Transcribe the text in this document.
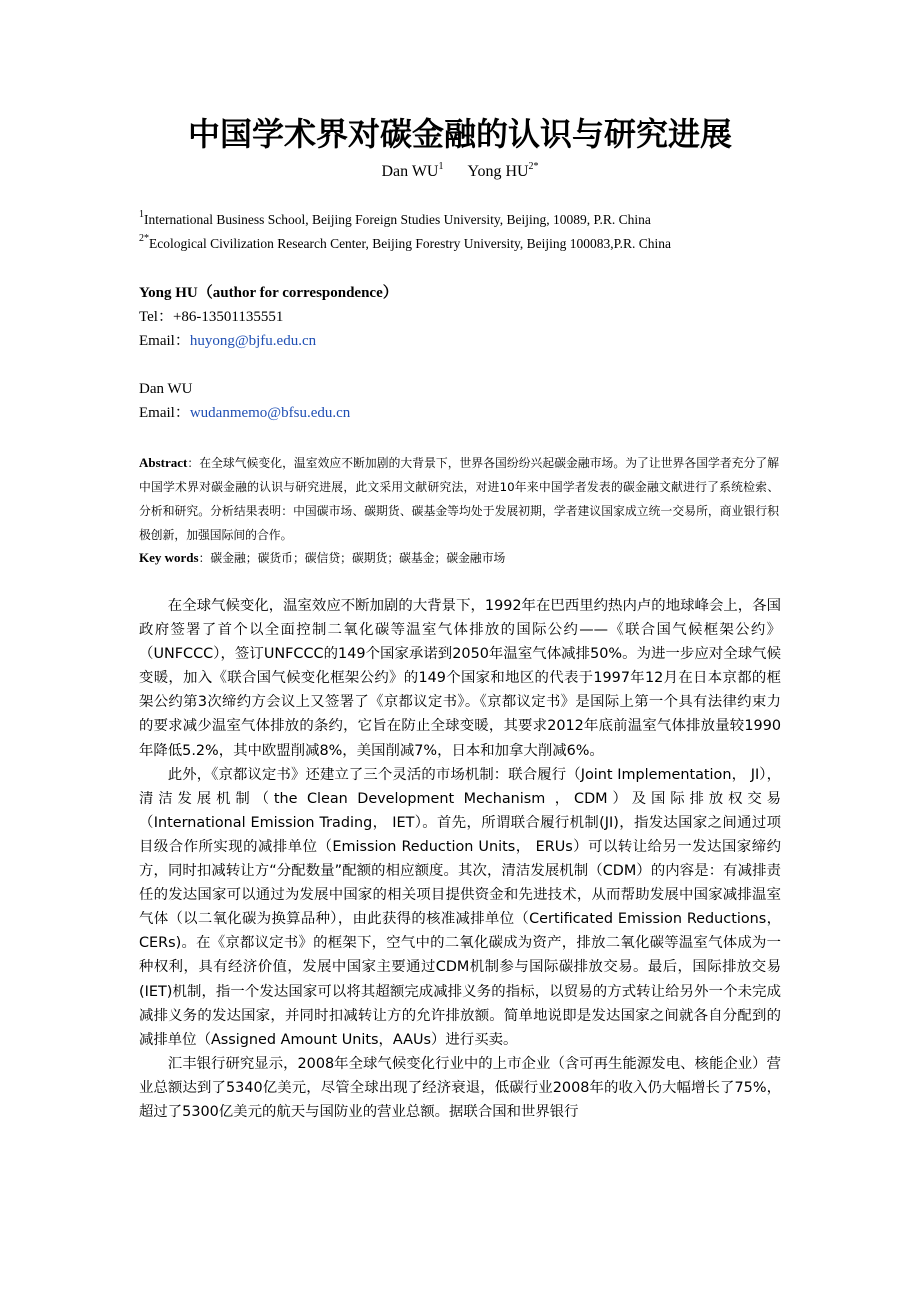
中国学术界对碳金融的认识与研究进展
Dan $WU^1$ Yong $HU^{2*}$
$^1$International Business School, Beijing Foreign Studies University, Beijing, 10089, P.R. China
$^{2*}$Ecological Civilization Research Center, Beijing Forestry University, Beijing 100083,P.R. China
Yong HU（author for correspondence）
Tel：+86-13501135551
Email：huyong@bjfu.edu.cn
Dan WU
Email：wudanmemo@bfsu.edu.cn
Abstract：在全球气候变化，温室效应不断加剧的大背景下，世界各国纷纷兴起碳金融市场。为了让世界各国学者充分了解中国学术界对碳金融的认识与研究进展，此文采用文献研究法，对进10年来中国学者发表的碳金融文献进行了系统检索、分析和研究。分析结果表明：中国碳市场、碳期货、碳基金等均处于发展初期，学者建议国家成立统一交易所，商业银行积极创新，加强国际间的合作。
Key words：碳金融；碳货币；碳信贷；碳期货；碳基金；碳金融市场

在全球气候变化，温室效应不断加剧的大背景下，1992年在巴西里约热内卢的地球峰会上，各国政府签署了首个以全面控制二氧化碳等温室气体排放的国际公约——《联合国气候框架公约》（UNFCCC），签订UNFCCC的149个国家承诺到2050年温室气体减排50%。为进一步应对全球气候变暖，加入《联合国气候变化框架公约》的149个国家和地区的代表于1997年12月在日本京都的框架公约第3次缔约方会议上又签署了《京都议定书》。《京都议定书》是国际上第一个具有法律约束力的要求减少温室气体排放的条约，它旨在防止全球变暖，其要求2012年底前温室气体排放量较1990年降低5.2%，其中欧盟削减8%，美国削减7%，日本和加拿大削减6%。

此外，《京都议定书》还建立了三个灵活的市场机制：联合履行（Joint Implementation， JI），清洁发展机制（the Clean Development Mechanism ，CDM）及国际排放权交易（International Emission Trading， IET）。首先，所谓联合履行机制(JI)，指发达国家之间通过项目级合作所实现的减排单位（Emission Reduction Units， ERUs）可以转让给另一发达国家缔约方，同时扣减转让方“分配数量”配额的相应额度。其次，清洁发展机制（CDM）的内容是：有减排责任的发达国家可以通过为发展中国家的相关项目提供资金和先进技术，从而帮助发展中国家减排温室气体（以二氧化碳为换算品种），由此获得的核准减排单位（Certificated Emission Reductions， CERs)。在《京都议定书》的框架下，空气中的二氧化碳成为资产，排放二氧化碳等温室气体成为一种权利，具有经济价值，发展中国家主要通过CDM机制参与国际碳排放交易。最后，国际排放交易(IET)机制，指一个发达国家可以将其超额完成减排义务的指标，以贸易的方式转让给另外一个未完成减排义务的发达国家，并同时扣减转让方的允许排放额。简单地说即是发达国家之间就各自分配到的减排单位（Assigned Amount Units，AAUs）进行买卖。

汇丰银行研究显示，2008年全球气候变化行业中的上市企业（含可再生能源发电、核能企业）营业总额达到了5340亿美元，尽管全球出现了经济衰退，低碳行业2008年的收入仍大幅增长了75%，超过了5300亿美元的航天与国防业的营业总额。据联合国和世界银行
